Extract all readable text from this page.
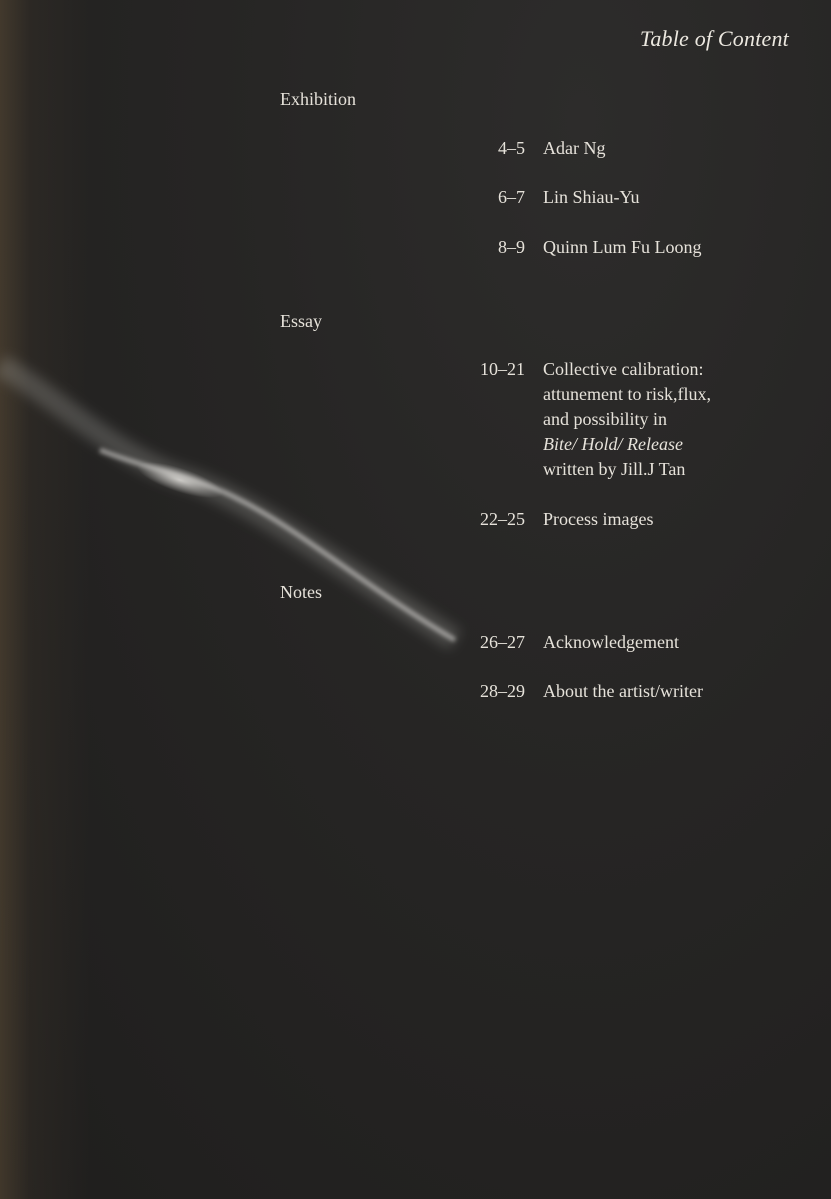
Table of Content
Exhibition
4–5 Adar Ng
6–7 Lin Shiau-Yu
8–9 Quinn Lum Fu Loong
Essay
10–21 Collective calibration:
attunement to risk,flux,
and possibility in
Bite/ Hold/ Release
written by Jill.J Tan
22–25 Process images
Notes
26–27 Acknowledgement
28–29 About the artist/writer
